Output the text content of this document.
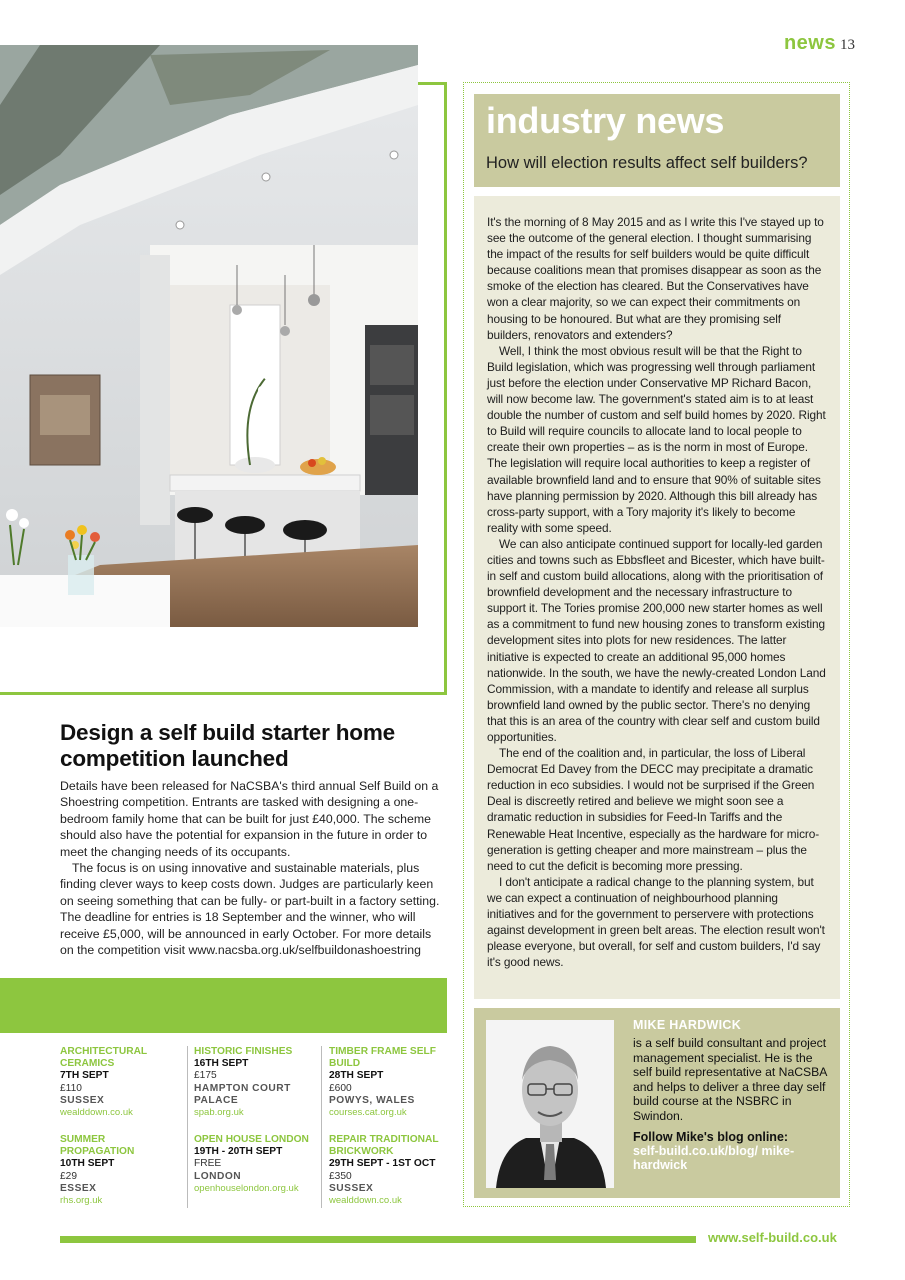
news 13
Design a self build starter home competition launched

Details have been released for NaCSBA's third annual Self Build on a Shoestring competition. Entrants are tasked with designing a one-bedroom family home that can be built for just £40,000. The scheme should also have the potential for expansion in the future in order to meet the changing needs of its occupants.

The focus is on using innovative and sustainable materials, plus finding clever ways to keep costs down. Judges are particularly keen on seeing something that can be fully- or part-built in a factory setting. The deadline for entries is 18 September and the winner, who will receive £5,000, will be announced in early October. For more details on the competition visit www.nacsba.org.uk/selfbuildonashoestring

ARCHITECTURAL CERAMICS
7TH SEPT
£110
SUSSEX
wealddown.co.uk
HISTORIC FINISHES
16TH SEPT
£175
HAMPTON COURT PALACE
spab.org.uk
TIMBER FRAME SELF BUILD
28TH SEPT
£600
POWYS, WALES
courses.cat.org.uk
SUMMER PROPAGATION
10TH SEPT
£29
ESSEX
rhs.org.uk
OPEN HOUSE LONDON
19TH - 20TH SEPT
FREE
LONDON
openhouselondon.org.uk
REPAIR TRADITIONAL BRICKWORK
29TH SEPT - 1ST OCT
£350
SUSSEX
wealddown.co.uk
industry news
How will election results affect self builders?

It's the morning of 8 May 2015 and as I write this I've stayed up to see the outcome of the general election. I thought summarising the impact of the results for self builders would be quite difficult because coalitions mean that promises disappear as soon as the smoke of the election has cleared. But the Conservatives have won a clear majority, so we can expect their commitments on housing to be honoured. But what are they promising self builders, renovators and extenders?

Well, I think the most obvious result will be that the Right to Build legislation, which was progressing well through parliament just before the election under Conservative MP Richard Bacon, will now become law. The government's stated aim is to at least double the number of custom and self build homes by 2020. Right to Build will require councils to allocate land to local people to create their own properties – as is the norm in most of Europe. The legislation will require local authorities to keep a register of available brownfield land and to ensure that 90% of suitable sites have planning permission by 2020. Although this bill already has cross-party support, with a Tory majority it's likely to become reality with some speed.

We can also anticipate continued support for locally-led garden cities and towns such as Ebbsfleet and Bicester, which have built-in self and custom build allocations, along with the prioritisation of brownfield development and the necessary infrastructure to support it. The Tories promise 200,000 new starter homes as well as a commitment to fund new housing zones to transform existing development sites into plots for new residences. The latter initiative is expected to create an additional 95,000 homes nationwide. In the south, we have the newly-created London Land Commission, with a mandate to identify and release all surplus brownfield land owned by the public sector. There's no denying that this is an area of the country with clear self and custom build opportunities.

The end of the coalition and, in particular, the loss of Liberal Democrat Ed Davey from the DECC may precipitate a dramatic reduction in eco subsidies. I would not be surprised if the Green Deal is discreetly retired and believe we might soon see a dramatic reduction in subsidies for Feed-In Tariffs and the Renewable Heat Incentive, especially as the hardware for micro-generation is getting cheaper and more mainstream – plus the need to cut the deficit is becoming more pressing.

I don't anticipate a radical change to the planning system, but we can expect a continuation of neighbourhood planning initiatives and for the government to perservere with protections against development in green belt areas. The election result won't please everyone, but overall, for self and custom builders, I'd say it's good news.

MIKE HARDWICK
is a self build consultant and project management specialist. He is the self build representative at NaCSBA and helps to deliver a three day self build course at the NSBRC in Swindon.
Follow Mike's blog online:
self-build.co.uk/blog/ mike-hardwick
www.self-build.co.uk
